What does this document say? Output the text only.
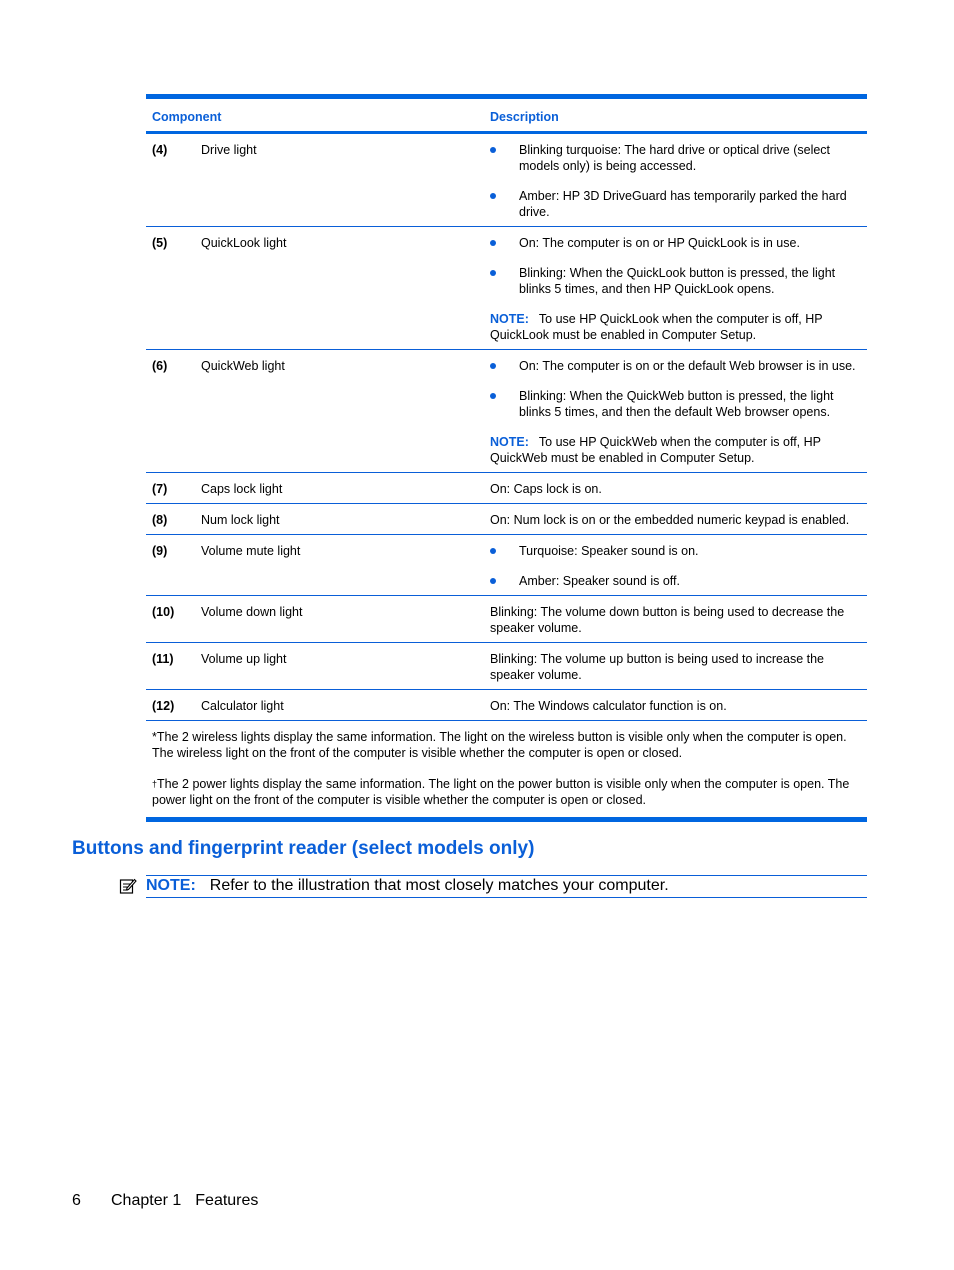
Component	Description
(4) Drive light	Blinking turquoise: The hard drive or optical drive (select models only) is being accessed.
Amber: HP 3D DriveGuard has temporarily parked the hard drive.

(5) QuickLook light	On: The computer is on or HP QuickLook is in use.
Blinking: When the QuickLook button is pressed, the light blinks 5 times, and then HP QuickLook opens.
NOTE: To use HP QuickLook when the computer is off, HP QuickLook must be enabled in Computer Setup.

(6) QuickWeb light	On: The computer is on or the default Web browser is in use.
Blinking: When the QuickWeb button is pressed, the light blinks 5 times, and then the default Web browser opens.
NOTE: To use HP QuickWeb when the computer is off, HP QuickWeb must be enabled in Computer Setup.

(7) Caps lock light	On: Caps lock is on.

(8) Num lock light	On: Num lock is on or the embedded numeric keypad is enabled.

(9) Volume mute light	Turquoise: Speaker sound is on.
Amber: Speaker sound is off.

(10) Volume down light	Blinking: The volume down button is being used to decrease the speaker volume.

(11) Volume up light	Blinking: The volume up button is being used to increase the speaker volume.

(12) Calculator light	On: The Windows calculator function is on.

*The 2 wireless lights display the same information. The light on the wireless button is visible only when the computer is open. The wireless light on the front of the computer is visible whether the computer is open or closed.

†The 2 power lights display the same information. The light on the power button is visible only when the computer is open. The power light on the front of the computer is visible whether the computer is open or closed.	

Buttons and fingerprint reader (select models only)
NOTE: Refer to the illustration that most closely matches your computer.
6 Chapter 1 Features
